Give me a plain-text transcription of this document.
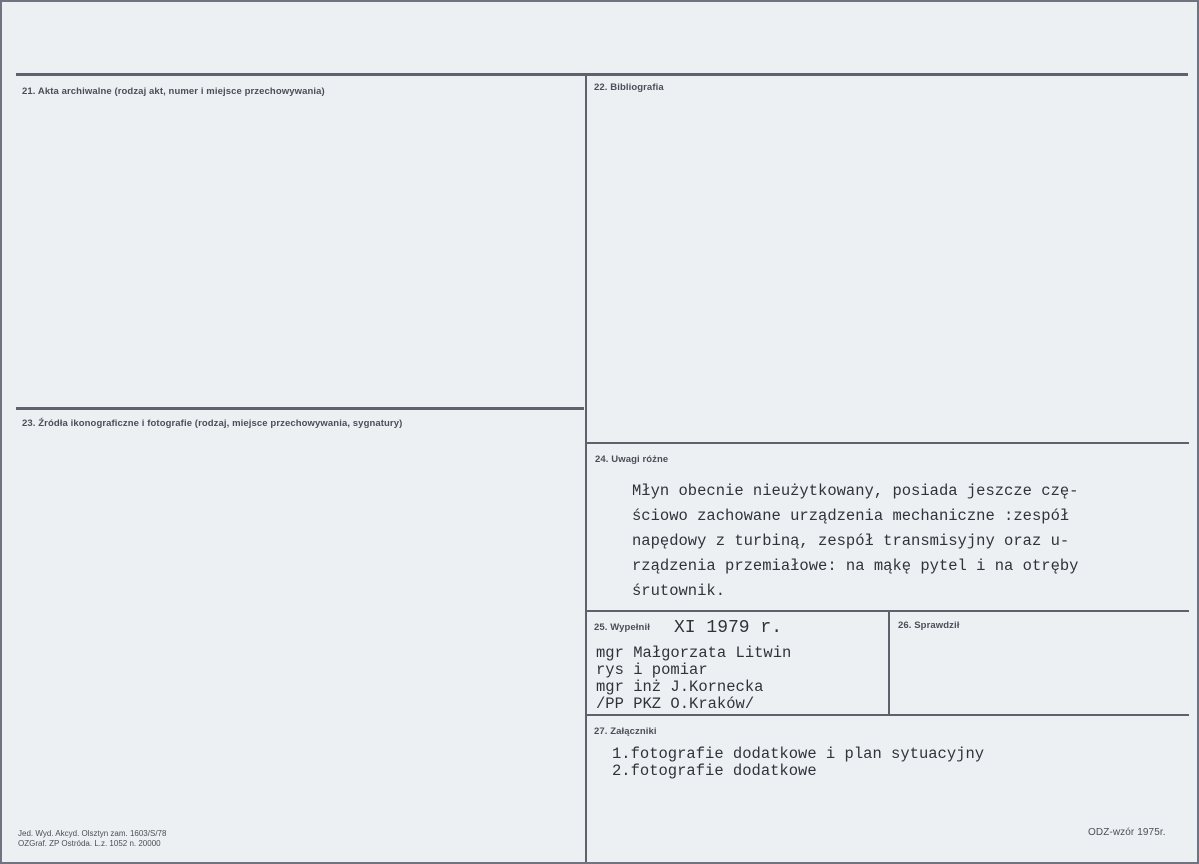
21. Akta archiwalne (rodzaj akt, numer i miejsce przechowywania)	22. Bibliografia
23. Źródła ikonograficzne i fotografie (rodzaj, miejsce przechowywania, sygnatury)
24. Uwagi różne
Młyn obecnie nieużytkowany, posiada jeszcze czę-
ściowo zachowane urządzenia mechaniczne :zespół
napędowy z turbiną, zespół transmisyjny oraz u-
rządzenia przemiałowe: na mąkę pytel i na otręby
śrutownik.
25. Wypełnił XI 1979 r.
mgr Małgorzata Litwin
rys i pomiar
mgr inż J.Kornecka
/PP PKZ O.Kraków/
26. Sprawdził
27. Załączniki
1.fotografie dodatkowe i plan sytuacyjny
2.fotografie dodatkowe
Jed. Wyd. Akcyd. Olsztyn zam. 1603/S/78
OZGraf. ZP Ostróda. L.z. 1052 n. 20000
ODZ-wzór 1975r.
